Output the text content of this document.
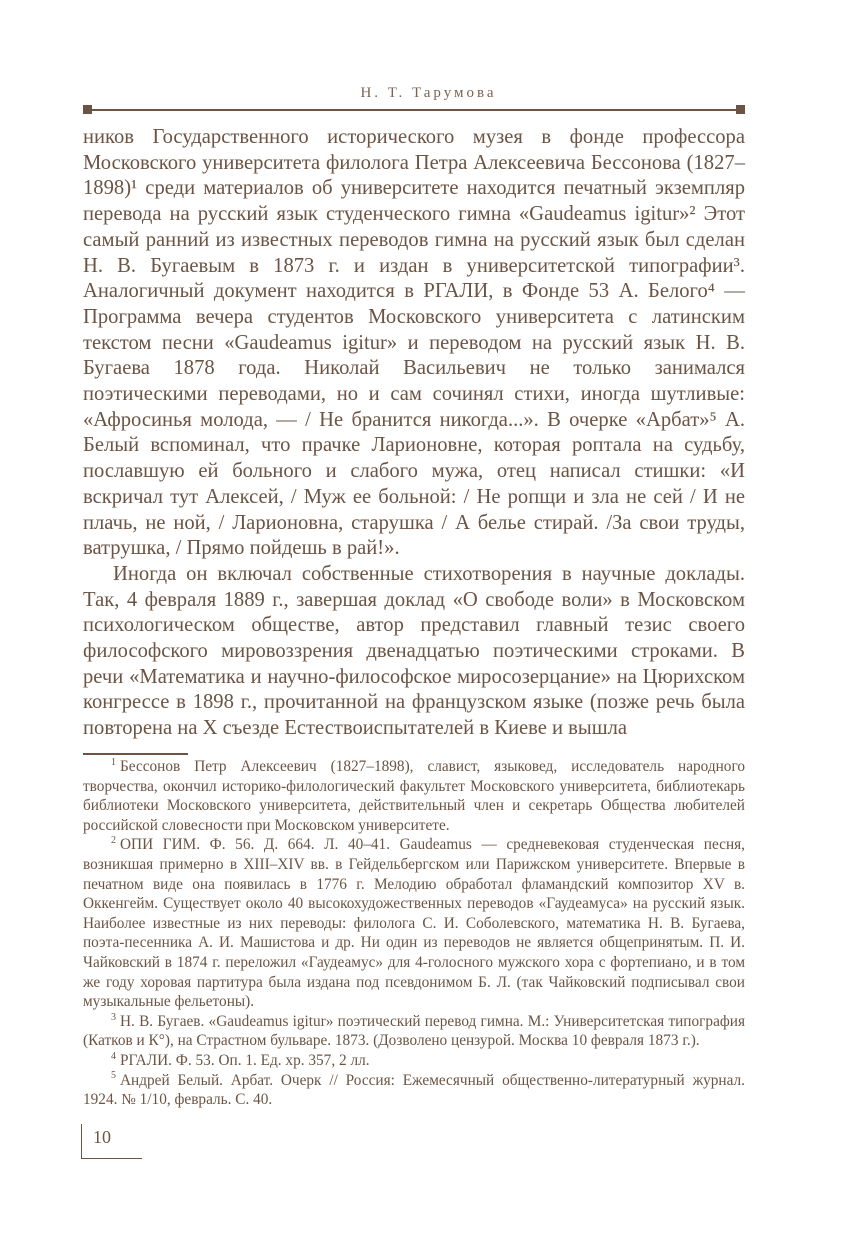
Н. Т. Тарумова

ников Государственного исторического музея в фонде профессора Московского университета филолога Петра Алексеевича Бессонова (1827–1898)¹ среди материалов об университете находится печатный экземпляр перевода на русский язык студенческого гимна «Gaudeamus igitur»² Этот самый ранний из известных переводов гимна на русский язык был сделан Н. В. Бугаевым в 1873 г. и издан в университетской типографии³. Аналогичный документ находится в РГАЛИ, в Фонде 53 А. Белого⁴ — Программа вечера студентов Московского университета с латинским текстом песни «Gaudeamus igitur» и переводом на русский язык Н. В. Бугаева 1878 года. Николай Васильевич не только занимался поэтическими переводами, но и сам сочинял стихи, иногда шутливые: «Афросинья молода, — / Не бранится никогда...». В очерке «Арбат»⁵ А. Белый вспоминал, что прачке Ларионовне, которая роптала на судьбу, пославшую ей больного и слабого мужа, отец написал стишки: «И вскричал тут Алексей, / Муж ее больной: / Не ропщи и зла не сей / И не плачь, не ной, / Ларионовна, старушка / А белье стирай. /За свои труды, ватрушка, / Прямо пойдешь в рай!».

Иногда он включал собственные стихотворения в научные доклады. Так, 4 февраля 1889 г., завершая доклад «О свободе воли» в Московском психологическом обществе, автор представил главный тезис своего философского мировоззрения двенадцатью поэтическими строками. В речи «Математика и научно-философское миросозерцание» на Цюрихском конгрессе в 1898 г., прочитанной на французском языке (позже речь была повторена на X съезде Естествоиспытателей в Киеве и вышла

$^1$ Бессонов Петр Алексеевич (1827–1898), славист, языковед, исследователь народного творчества, окончил историко-филологический факультет Московского университета, библиотекарь библиотеки Московского университета, действительный член и секретарь Общества любителей российской словесности при Московском университете.

$^2$ ОПИ ГИМ. Ф. 56. Д. 664. Л. 40–41. Gaudeamus — средневековая студенческая песня, возникшая примерно в XIII–XIV вв. в Гейдельбергском или Парижском университете. Впервые в печатном виде она появилась в 1776 г. Мелодию обработал фламандский композитор XV в. Оккенгейм. Существует около 40 высокохудожественных переводов «Гаудеамуса» на русский язык. Наиболее известные из них переводы: филолога С. И. Соболевского, математика Н. В. Бугаева, поэта-песенника А. И. Машистова и др. Ни один из переводов не является общепринятым. П. И. Чайковский в 1874 г. переложил «Гаудеамус» для 4-голосного мужского хора с фортепиано, и в том же году хоровая партитура была издана под псевдонимом Б. Л. (так Чайковский подписывал свои музыкальные фельетоны).

$^3$ Н. В. Бугаев. «Gaudeamus igitur» поэтический перевод гимна. М.: Университетская типография (Катков и К°), на Страстном бульваре. 1873. (Дозволено цензурой. Москва 10 февраля 1873 г.).

$^4$ РГАЛИ. Ф. 53. Оп. 1. Ед. хр. 357, 2 лл.

$^5$ Андрей Белый. Арбат. Очерк // Россия: Ежемесячный общественно-литературный журнал. 1924. № 1/10, февраль. С. 40.

10
